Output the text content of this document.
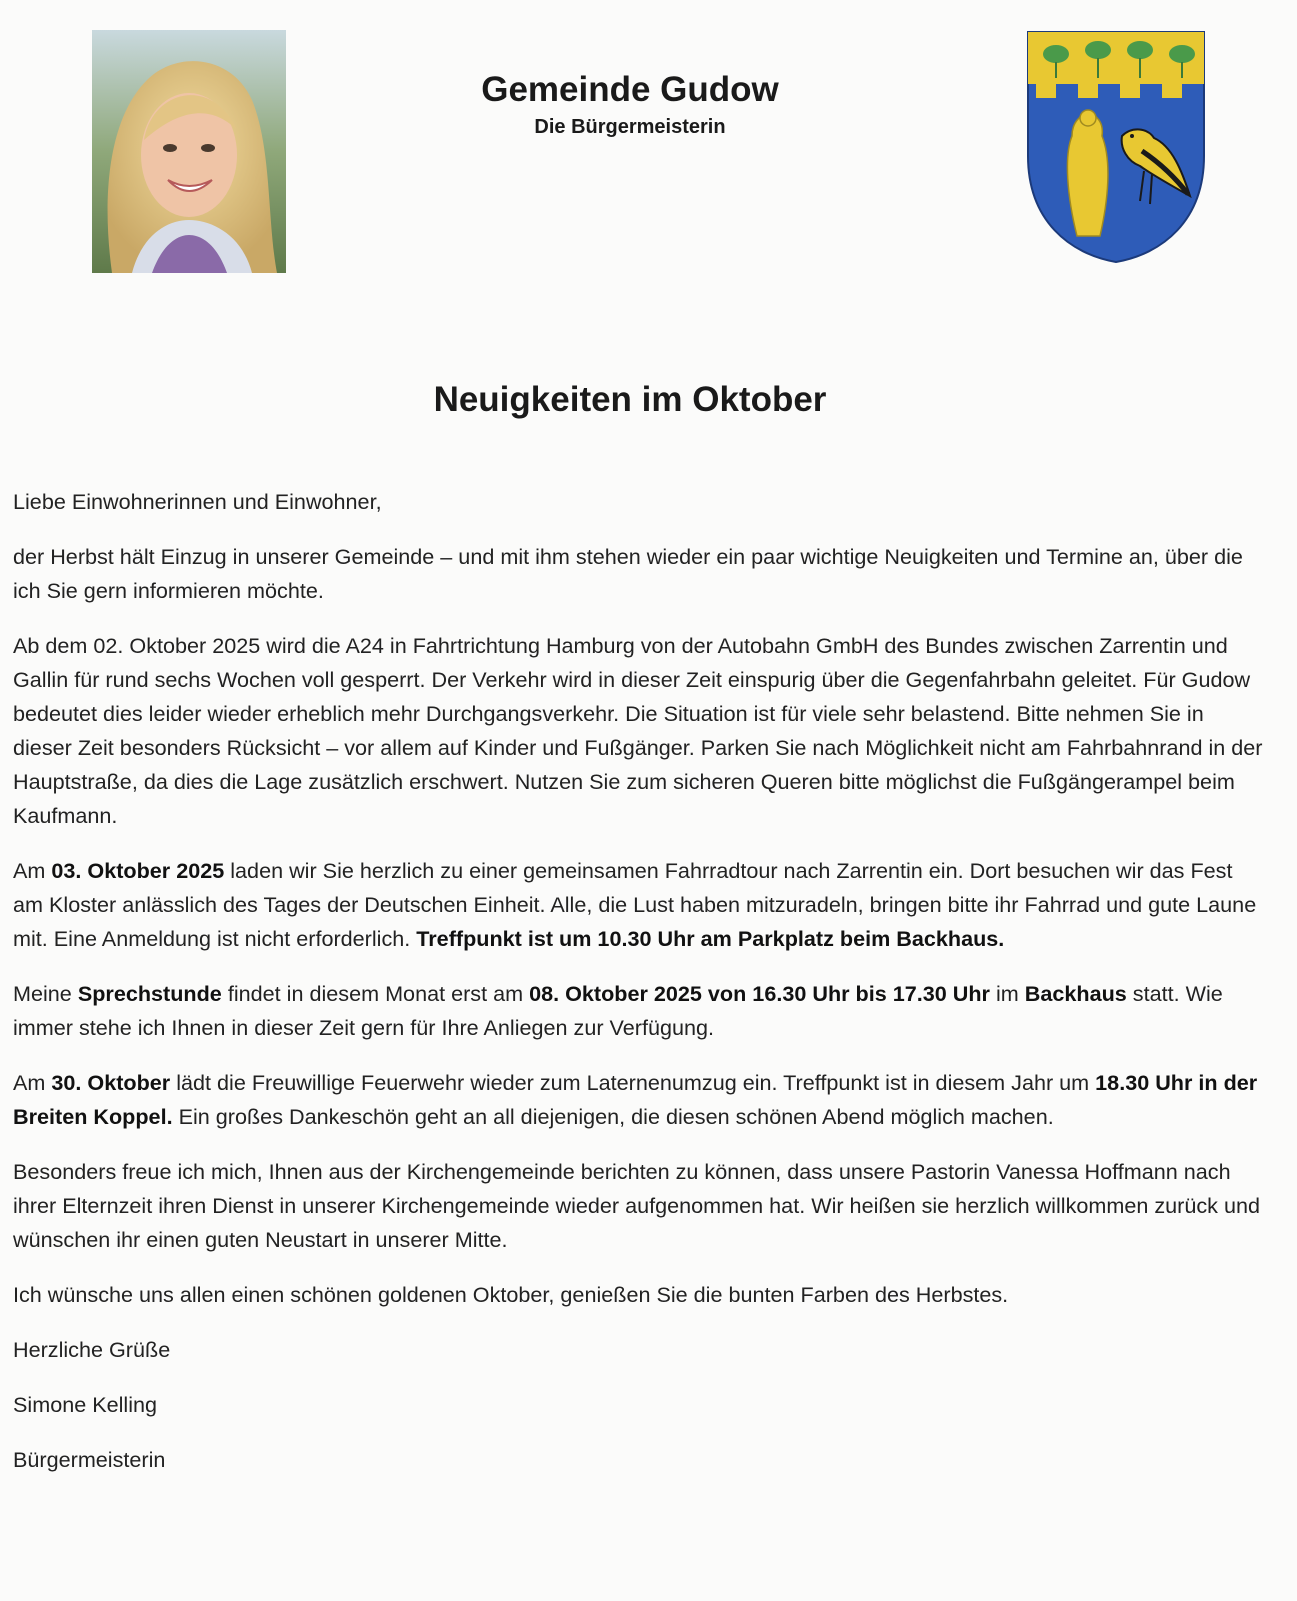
Gemeinde Gudow
Die Bürgermeisterin
Neuigkeiten im Oktober

Liebe Einwohnerinnen und Einwohner,

der Herbst hält Einzug in unserer Gemeinde – und mit ihm stehen wieder ein paar wichtige Neuigkeiten und Termine an, über die ich Sie gern informieren möchte.

Ab dem 02. Oktober 2025 wird die A24 in Fahrtrichtung Hamburg von der Autobahn GmbH des Bundes zwischen Zarrentin und Gallin für rund sechs Wochen voll gesperrt. Der Verkehr wird in dieser Zeit einspurig über die Gegenfahrbahn geleitet. Für Gudow bedeutet dies leider wieder erheblich mehr Durchgangsverkehr. Die Situation ist für viele sehr belastend. Bitte nehmen Sie in dieser Zeit besonders Rücksicht – vor allem auf Kinder und Fußgänger. Parken Sie nach Möglichkeit nicht am Fahrbahnrand in der Hauptstraße, da dies die Lage zusätzlich erschwert. Nutzen Sie zum sicheren Queren bitte möglichst die Fußgängerampel beim Kaufmann.

Am 03. Oktober 2025 laden wir Sie herzlich zu einer gemeinsamen Fahrradtour nach Zarrentin ein. Dort besuchen wir das Fest am Kloster anlässlich des Tages der Deutschen Einheit. Alle, die Lust haben mitzuradeln, bringen bitte ihr Fahrrad und gute Laune mit. Eine Anmeldung ist nicht erforderlich. Treffpunkt ist um 10.30 Uhr am Parkplatz beim Backhaus.

Meine Sprechstunde findet in diesem Monat erst am 08. Oktober 2025 von 16.30 Uhr bis 17.30 Uhr im Backhaus statt. Wie immer stehe ich Ihnen in dieser Zeit gern für Ihre Anliegen zur Verfügung.

Am 30. Oktober lädt die Freuwillige Feuerwehr wieder zum Laternenumzug ein. Treffpunkt ist in diesem Jahr um 18.30 Uhr in der Breiten Koppel. Ein großes Dankeschön geht an all diejenigen, die diesen schönen Abend möglich machen.

Besonders freue ich mich, Ihnen aus der Kirchengemeinde berichten zu können, dass unsere Pastorin Vanessa Hoffmann nach ihrer Elternzeit ihren Dienst in unserer Kirchengemeinde wieder aufgenommen hat. Wir heißen sie herzlich willkommen zurück und wünschen ihr einen guten Neustart in unserer Mitte.

Ich wünsche uns allen einen schönen goldenen Oktober, genießen Sie die bunten Farben des Herbstes.

Herzliche Grüße

Simone Kelling

Bürgermeisterin
